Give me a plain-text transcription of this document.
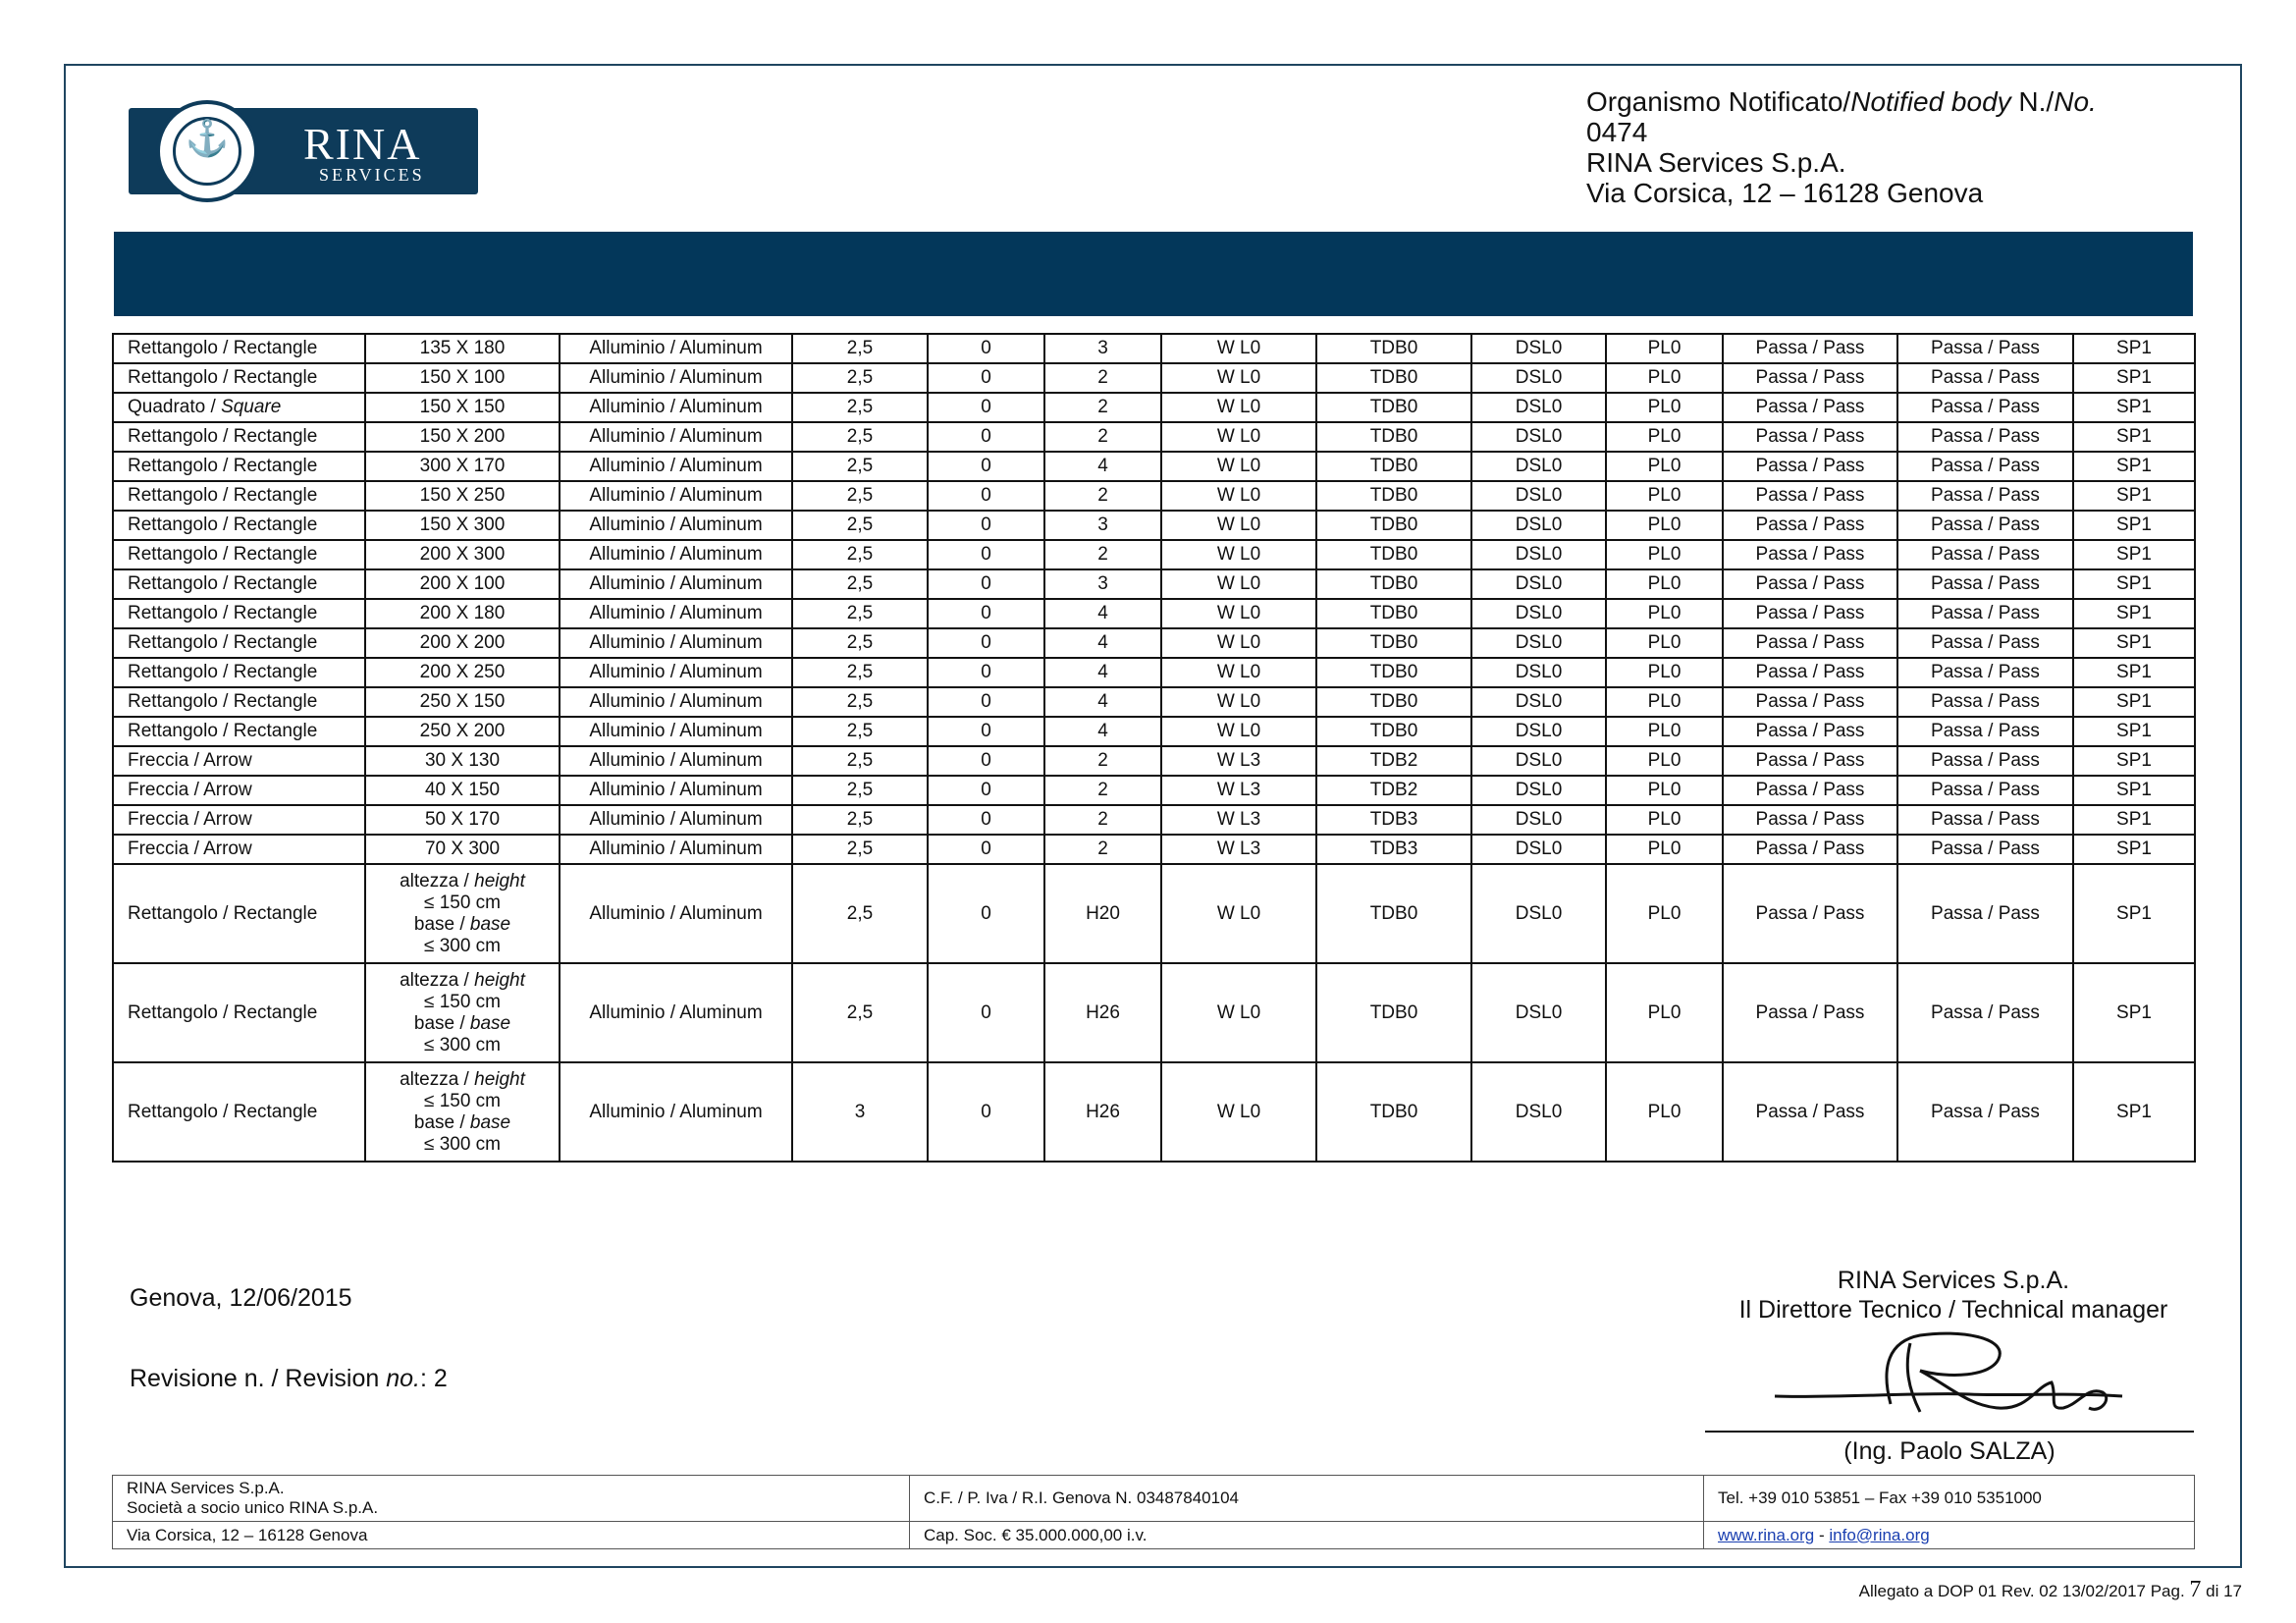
⚓	RINA
SERVICES
Organismo Notificato/Notified body N./No.
0474
RINA Services S.p.A.
Via Corsica, 12 – 16128 Genova
Rettangolo / Rectangle	135 X 180	Alluminio / Aluminum	2,5	0	3	W L0	TDB0	DSL0	PL0	Passa / Pass	Passa / Pass	SP1
Rettangolo / Rectangle	150 X 100	Alluminio / Aluminum	2,5	0	2	W L0	TDB0	DSL0	PL0	Passa / Pass	Passa / Pass	SP1
Quadrato / Square	150 X 150	Alluminio / Aluminum	2,5	0	2	W L0	TDB0	DSL0	PL0	Passa / Pass	Passa / Pass	SP1
Rettangolo / Rectangle	150 X 200	Alluminio / Aluminum	2,5	0	2	W L0	TDB0	DSL0	PL0	Passa / Pass	Passa / Pass	SP1
Rettangolo / Rectangle	300 X 170	Alluminio / Aluminum	2,5	0	4	W L0	TDB0	DSL0	PL0	Passa / Pass	Passa / Pass	SP1
Rettangolo / Rectangle	150 X 250	Alluminio / Aluminum	2,5	0	2	W L0	TDB0	DSL0	PL0	Passa / Pass	Passa / Pass	SP1
Rettangolo / Rectangle	150 X 300	Alluminio / Aluminum	2,5	0	3	W L0	TDB0	DSL0	PL0	Passa / Pass	Passa / Pass	SP1
Rettangolo / Rectangle	200 X 300	Alluminio / Aluminum	2,5	0	2	W L0	TDB0	DSL0	PL0	Passa / Pass	Passa / Pass	SP1
Rettangolo / Rectangle	200 X 100	Alluminio / Aluminum	2,5	0	3	W L0	TDB0	DSL0	PL0	Passa / Pass	Passa / Pass	SP1
Rettangolo / Rectangle	200 X 180	Alluminio / Aluminum	2,5	0	4	W L0	TDB0	DSL0	PL0	Passa / Pass	Passa / Pass	SP1
Rettangolo / Rectangle	200 X 200	Alluminio / Aluminum	2,5	0	4	W L0	TDB0	DSL0	PL0	Passa / Pass	Passa / Pass	SP1
Rettangolo / Rectangle	200 X 250	Alluminio / Aluminum	2,5	0	4	W L0	TDB0	DSL0	PL0	Passa / Pass	Passa / Pass	SP1
Rettangolo / Rectangle	250 X 150	Alluminio / Aluminum	2,5	0	4	W L0	TDB0	DSL0	PL0	Passa / Pass	Passa / Pass	SP1
Rettangolo / Rectangle	250 X 200	Alluminio / Aluminum	2,5	0	4	W L0	TDB0	DSL0	PL0	Passa / Pass	Passa / Pass	SP1
Freccia / Arrow	30 X 130	Alluminio / Aluminum	2,5	0	2	W L3	TDB2	DSL0	PL0	Passa / Pass	Passa / Pass	SP1
Freccia / Arrow	40 X 150	Alluminio / Aluminum	2,5	0	2	W L3	TDB2	DSL0	PL0	Passa / Pass	Passa / Pass	SP1
Freccia / Arrow	50 X 170	Alluminio / Aluminum	2,5	0	2	W L3	TDB3	DSL0	PL0	Passa / Pass	Passa / Pass	SP1
Freccia / Arrow	70 X 300	Alluminio / Aluminum	2,5	0	2	W L3	TDB3	DSL0	PL0	Passa / Pass	Passa / Pass	SP1
Rettangolo / Rectangle	altezza / height
≤ 150 cm
base / base
≤ 300 cm	Alluminio / Aluminum	2,5	0	H20	W L0	TDB0	DSL0	PL0	Passa / Pass	Passa / Pass	SP1
Rettangolo / Rectangle	altezza / height
≤ 150 cm
base / base
≤ 300 cm	Alluminio / Aluminum	2,5	0	H26	W L0	TDB0	DSL0	PL0	Passa / Pass	Passa / Pass	SP1
Rettangolo / Rectangle	altezza / height
≤ 150 cm
base / base
≤ 300 cm	Alluminio / Aluminum	3	0	H26	W L0	TDB0	DSL0	PL0	Passa / Pass	Passa / Pass	SP1
Genova, 12/06/2015
Revisione n. / Revision no.: 2
RINA Services S.p.A.
Il Direttore Tecnico / Technical manager
(Ing. Paolo SALZA)
RINA Services S.p.A.
Società a socio unico RINA S.p.A.	C.F. / P. Iva / R.I. Genova N. 03487840104	Tel. +39 010 53851 – Fax +39 010 5351000
Via Corsica, 12 – 16128 Genova	Cap. Soc. € 35.000.000,00 i.v.	www.rina.org - info@rina.org
Allegato a DOP 01 Rev. 02 13/02/2017 Pag. 7 di 17
